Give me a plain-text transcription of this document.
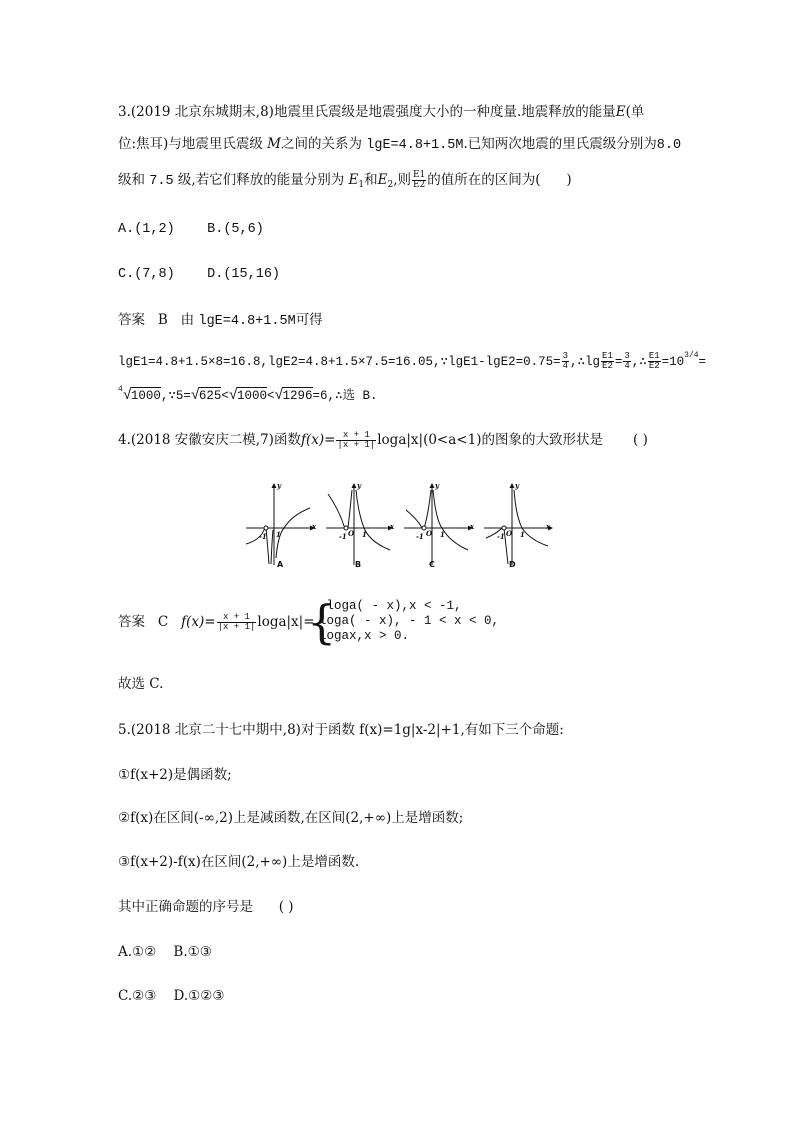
3.(2019 北京东城期末,8)地震里氏震级是地震强度大小的一种度量.地震释放的能量E(单
位:焦耳)与地震里氏震级 M之间的关系为 lgE=4.8+1.5M.已知两次地震的里氏震级分别为8.0
级和 7.5 级,若它们释放的能量分别为 $E_1$和$E_2$,则 $\frac{E1}{E2}$ 的值所在的区间为( )
A.(1,2) B.(5,6)
C.(7,8) D.(15,16)
答案 B 由 lgE=4.8+1.5M可得
lgE1=4.8+1.5×8=16.8,lgE2=4.8+1.5×7.5=16.05,∵lgE1-lgE2=0.75= $\frac{3}{4}$ ,∴lg $\frac{E1}{E2} = \frac{3}{4}$ ,∴ $\frac{E1}{E2} =10^{3/4}=$
$^4$√1000,∵5=√625<√1000<√1296=6,∴选 B.
4.(2018 安徽安庆二模,7)函数$f(x)= \frac{x + 1}{|x + 1|} \log a|x|(0<a<1)$的图象的大致形状是 ( )
y
x
-1 1
y
x
-1 O 1
y
x
-1 O 1
y
x
-1 O 1
A	B	C	D
答案 C $f(x)= \frac{x + 1}{|x + 1|} \log a|x|=$
{
-loga( - x),x < -1,
loga( - x), - 1 < x < 0,
logax,x > 0.
故选 C.
5.(2018 北京二十七中期中,8)对于函数 f(x)=1g|x-2|+1,有如下三个命题:
①f(x+2)是偶函数;
②f(x)在区间(-∞,2)上是减函数,在区间(2,+∞)上是增函数;
③f(x+2)-f(x)在区间(2,+∞)上是增函数.
其中正确命题的序号是 ( )
A.①② B.①③
C.②③ D.①②③
